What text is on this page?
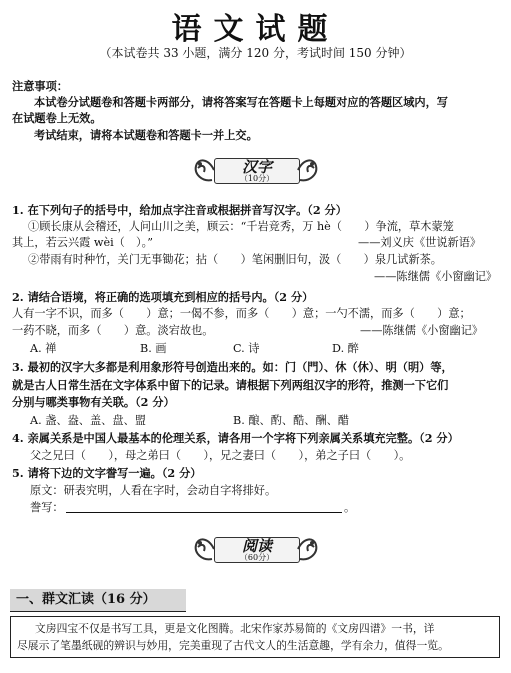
语文试题
（本试卷共 33 小题，满分 120 分，考试时间 150 分钟）
注意事项：
本试卷分试题卷和答题卡两部分，请将答案写在答题卡上每题对应的答题区域内，写
在试题卷上无效。
考试结束，请将本试题卷和答题卡一并上交。
汉字
（10分）
1. 在下列句子的括号中，给加点字注音或根据拼音写汉字。（2 分）
①顾长康从会稽还，人问山川之美，顾云：“千岩竞秀，万 hè（　　）争流，草木蒙笼
其上，若云兴霞 wèi（　）。”	——刘义庆《世说新语》
②带雨有时种竹，关门无事锄花；拈（　　）笔闲删旧句，汲（　　）泉几试新茶。
——陈继儒《小窗幽记》
2. 请结合语境，将正确的选项填充到相应的括号内。（2 分）
人有一字不识，而多（　　）意；一偈不参，而多（　　）意；一勺不濡，而多（　　）意；
一药不晓，而多（　　）意。淡宕故也。	——陈继儒《小窗幽记》
A. 禅	B. 画	C. 诗	D. 醉
3. 最初的汉字大多都是利用象形符号创造出来的。如：门（門）、休（休）、明（明）等，
就是古人日常生活在文字体系中留下的记录。请根据下列两组汉字的形符，推测一下它们
分别与哪类事物有关联。（2 分）
A. 盏、盎、盖、盘、盟	B. 酿、酌、酷、酬、醋
4. 亲属关系是中国人最基本的伦理关系，请各用一个字将下列亲属关系填充完整。（2 分）
父之兄曰（　　），母之弟曰（　　），兄之妻曰（　　），弟之子曰（　　）。
5. 请将下边的文字誊写一遍。（2 分）
原文：研表究明，人看在字时，会动自字将排好。
誊写：	。
阅读
（60分）
一、群文汇读（16 分）
文房四宝不仅是书写工具，更是文化图腾。北宋作家苏易简的《文房四谱》一书，详
尽展示了笔墨纸砚的辨识与妙用，完美重现了古代文人的生活意趣，学有余力，值得一览。
